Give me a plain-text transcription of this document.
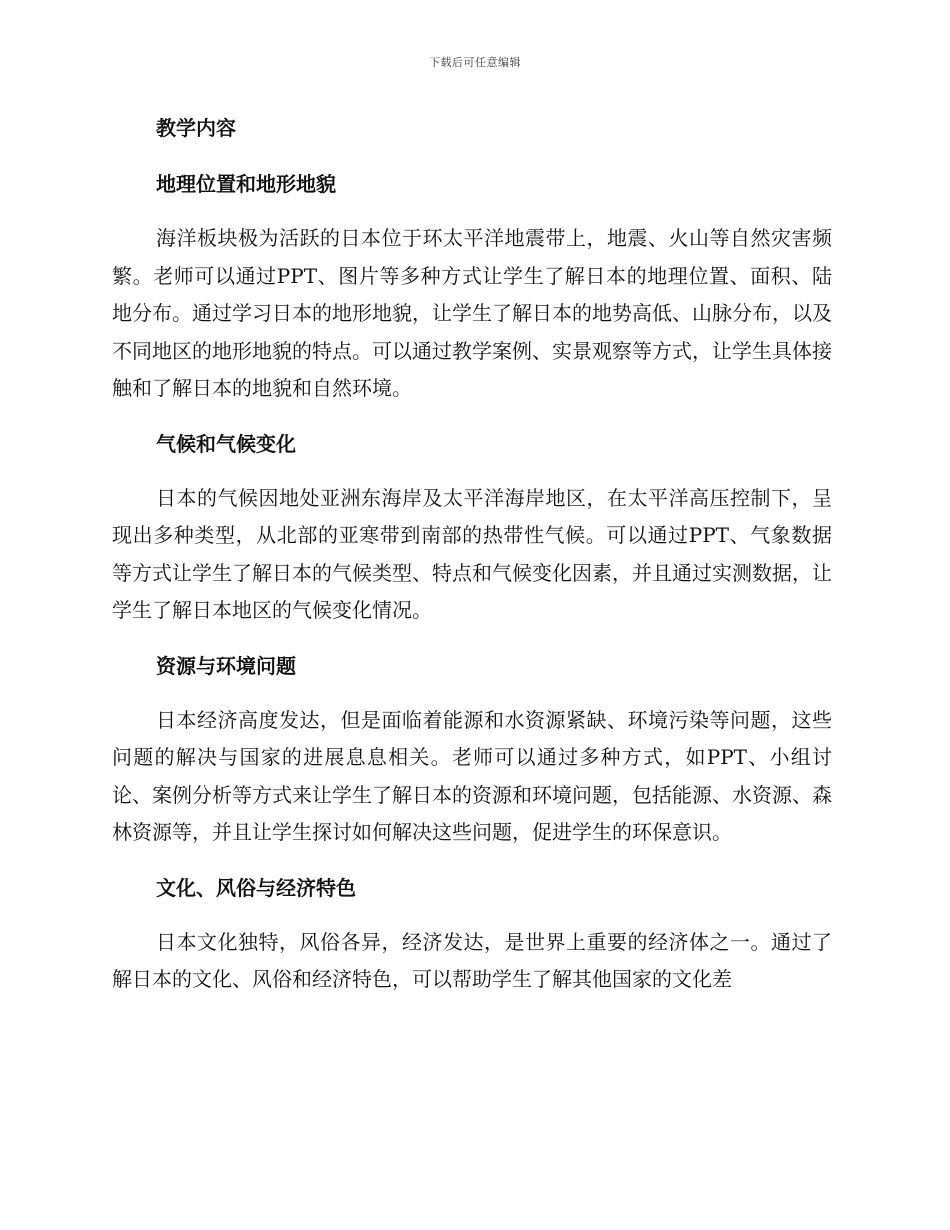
下载后可任意编辑
教学内容
地理位置和地形地貌

海洋板块极为活跃的日本位于环太平洋地震带上，地震、火山等自然灾害频繁。老师可以通过PPT、图片等多种方式让学生了解日本的地理位置、面积、陆地分布。通过学习日本的地形地貌，让学生了解日本的地势高低、山脉分布，以及不同地区的地形地貌的特点。可以通过教学案例、实景观察等方式，让学生具体接触和了解日本的地貌和自然环境。

气候和气候变化

日本的气候因地处亚洲东海岸及太平洋海岸地区，在太平洋高压控制下，呈现出多种类型，从北部的亚寒带到南部的热带性气候。可以通过PPT、气象数据等方式让学生了解日本的气候类型、特点和气候变化因素，并且通过实测数据，让学生了解日本地区的气候变化情况。

资源与环境问题

日本经济高度发达，但是面临着能源和水资源紧缺、环境污染等问题，这些问题的解决与国家的进展息息相关。老师可以通过多种方式，如PPT、小组讨论、案例分析等方式来让学生了解日本的资源和环境问题，包括能源、水资源、森林资源等，并且让学生探讨如何解决这些问题，促进学生的环保意识。

文化、风俗与经济特色

日本文化独特，风俗各异，经济发达，是世界上重要的经济体之一。通过了解日本的文化、风俗和经济特色，可以帮助学生了解其他国家的文化差
